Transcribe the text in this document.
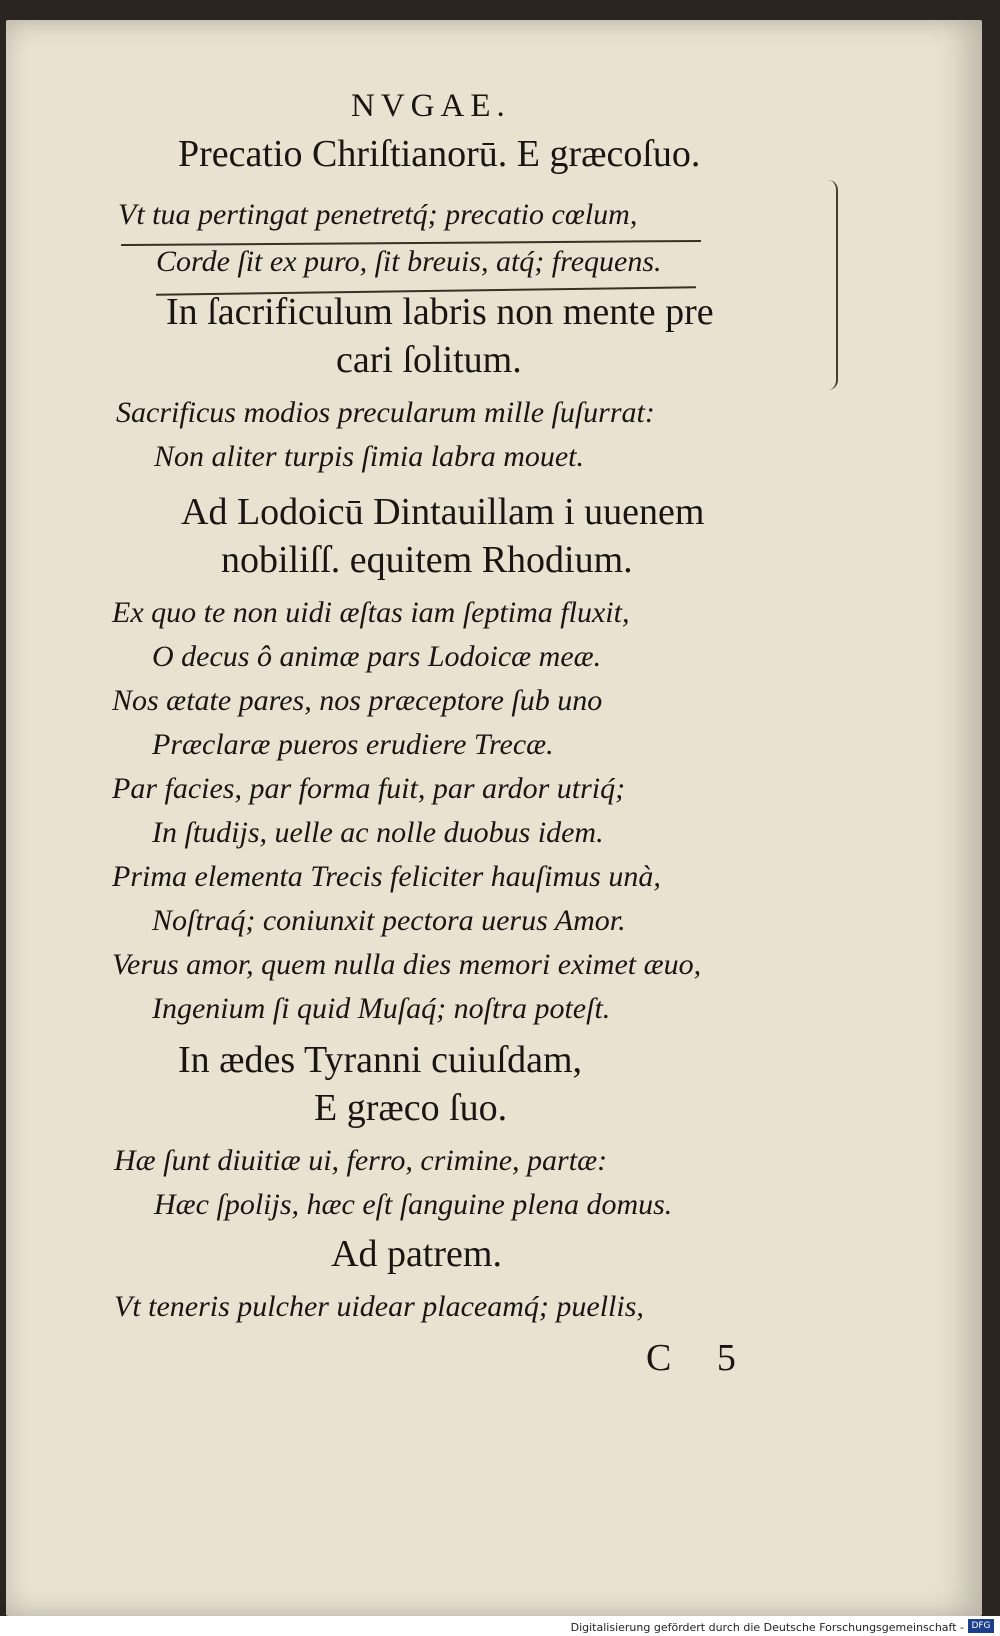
NVGAE.
Precatio Chriſtianorū. E græcoſuo.
Vt tua pertingat penetretq́; precatio cœlum,
Corde ſit ex puro, ſit breuis, atq́; frequens.
In ſacrificulum labris non mente pre
cari ſolitum.
Sacrificus modios precularum mille ſuſurrat:
Non aliter turpis ſimia labra mouet.
Ad Lodoicū Dintauillam i uuenem
nobiliſſ. equitem Rhodium.
Ex quo te non uidi æſtas iam ſeptima fluxit,
O decus ô animæ pars Lodoicæ meæ.
Nos ætate pares, nos præceptore ſub uno
Præclaræ pueros erudiere Trecæ.
Par facies, par forma fuit, par ardor utriq́;
In ſtudijs, uelle ac nolle duobus idem.
Prima elementa Trecis feliciter hauſimus unà,
Noſtraq́; coniunxit pectora uerus Amor.
Verus amor, quem nulla dies memori eximet æuo,
Ingenium ſi quid Muſaq́; noſtra poteſt.
In ædes Tyranni cuiuſdam,
E græco ſuo.
Hæ ſunt diuitiæ ui, ferro, crimine, partæ:
Hæc ſpolijs, hæc eſt ſanguine plena domus.
Ad patrem.
Vt teneris pulcher uidear placeamq́; puellis,
C 5
Digitalisierung gefördert durch die Deutsche Forschungsgemeinschaft - DFG
